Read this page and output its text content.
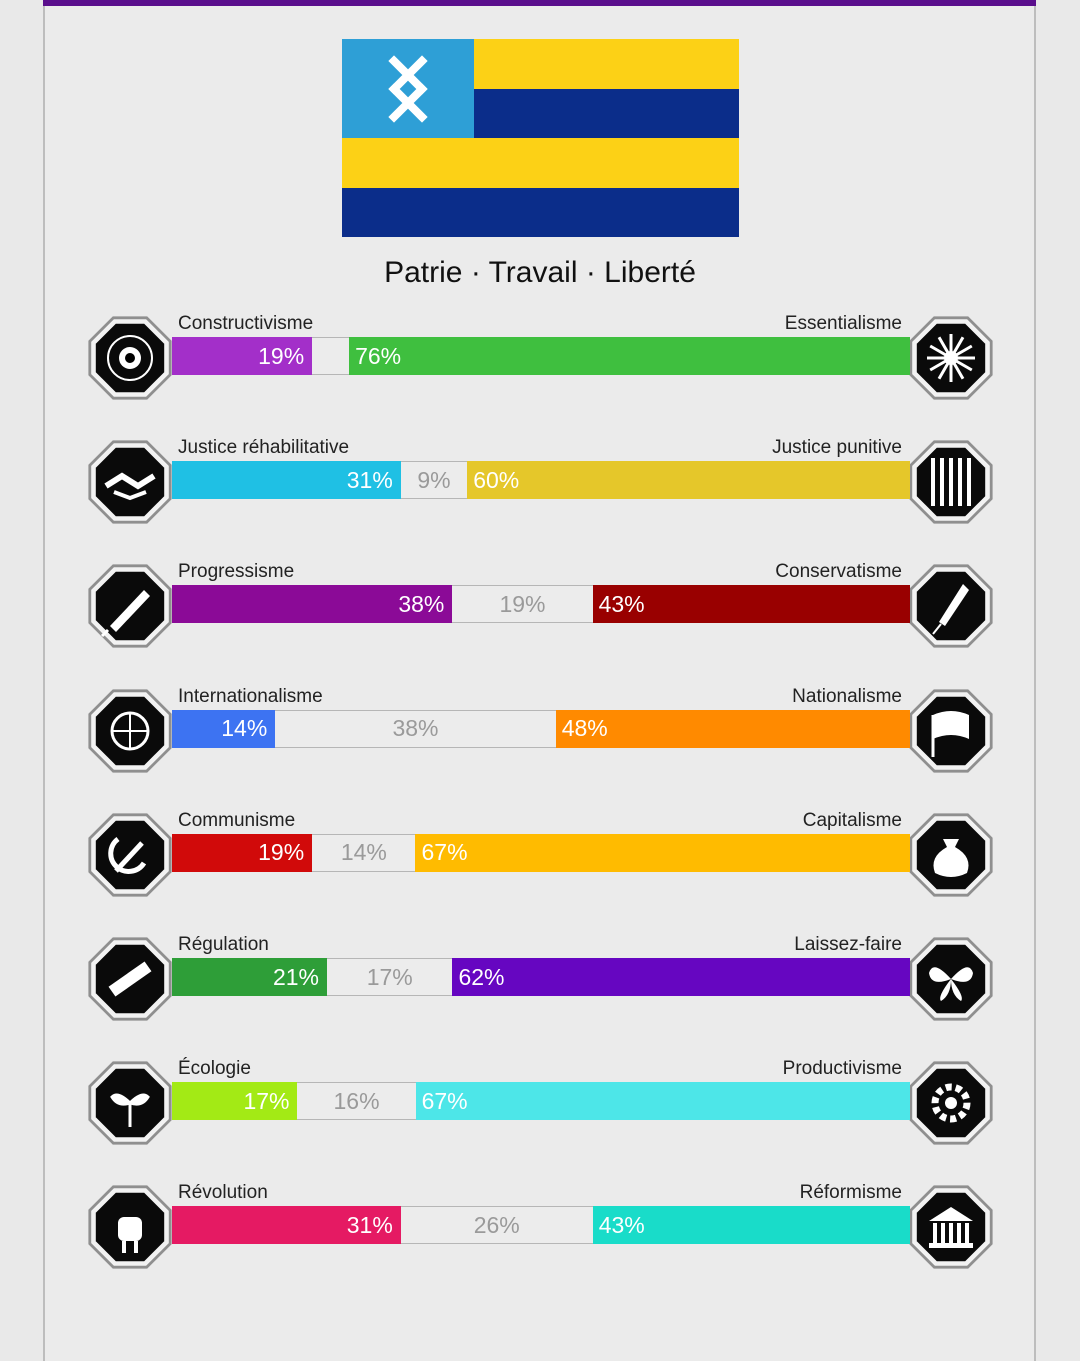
Patrie · Travail · Liberté
Constructivisme	Essentialisme
19%	76%
Justice réhabilitative	Justice punitive
31%	9% 60%
Progressisme	Conservatisme
38%	19%	43%
Internationalisme	Nationalisme
14%	38%	48%
Communisme	Capitalisme
19%	14%	67%
Régulation	Laissez-faire
21%	17%	62%
Écologie	Productivisme
17%	16%	67%
Révolution	Réformisme
31%	26%	43%
